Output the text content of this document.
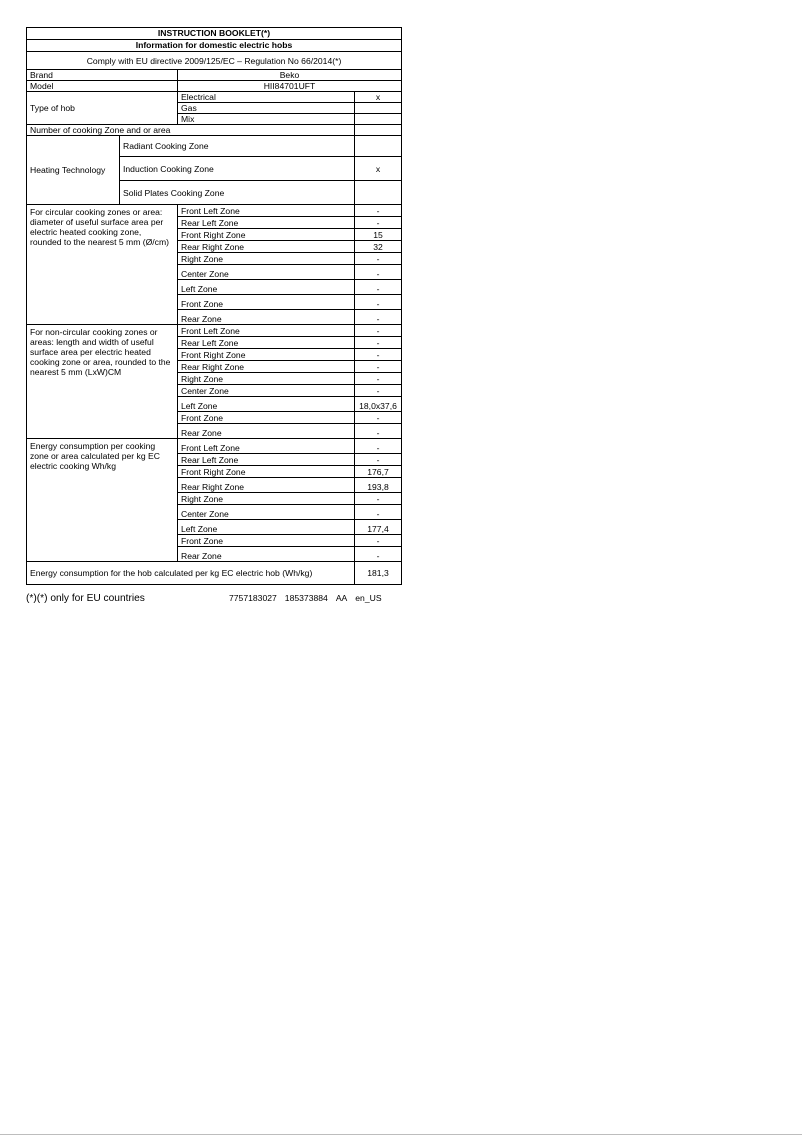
INSTRUCTION BOOKLET(*)			
Information for domestic electric hobs			
Comply with EU directive 2009/125/EC – Regulation No 66/2014(*)			
Brand		Beko	
Model		HII84701UFT	
Type of hob		Electrical	x
		Gas	
		Mix	
Number of cooking Zone and or area			
Heating Technology	Radiant Cooking Zone		
	Induction Cooking Zone		x
	Solid Plates Cooking Zone		
For circular cooking zones or area: diameter of useful surface area per electric heated cooking zone, rounded to the nearest 5 mm (Ø/cm)		Front Left Zone	-
		Rear Left Zone	-
		Front Right Zone	15
		Rear Right Zone	32
		Right Zone	-
		Center Zone	-
		Left Zone	-
		Front Zone	-
		Rear Zone	-
For non-circular cooking zones or areas: length and width of useful surface area per electric heated cooking zone or area, rounded to the nearest 5 mm (LxW)CM		Front Left Zone	-
		Rear Left Zone	-
		Front Right Zone	-
		Rear Right Zone	-
		Right Zone	-
		Center Zone	-
		Left Zone	18,0x37,6
		Front Zone	-
		Rear Zone	-
Energy consumption per cooking zone or area calculated per kg EC electric cooking Wh/kg		Front Left Zone	-
		Rear Left Zone	-
		Front Right Zone	176,7
		Rear Right Zone	193,8
		Right Zone	-
		Center Zone	-
		Left Zone	177,4
		Front Zone	-
		Rear Zone	-
Energy consumption for the hob calculated per kg EC electric hob (Wh/kg)			181,3
(*)(*) only for EU countries	7757183027 185373884 AA en_US
